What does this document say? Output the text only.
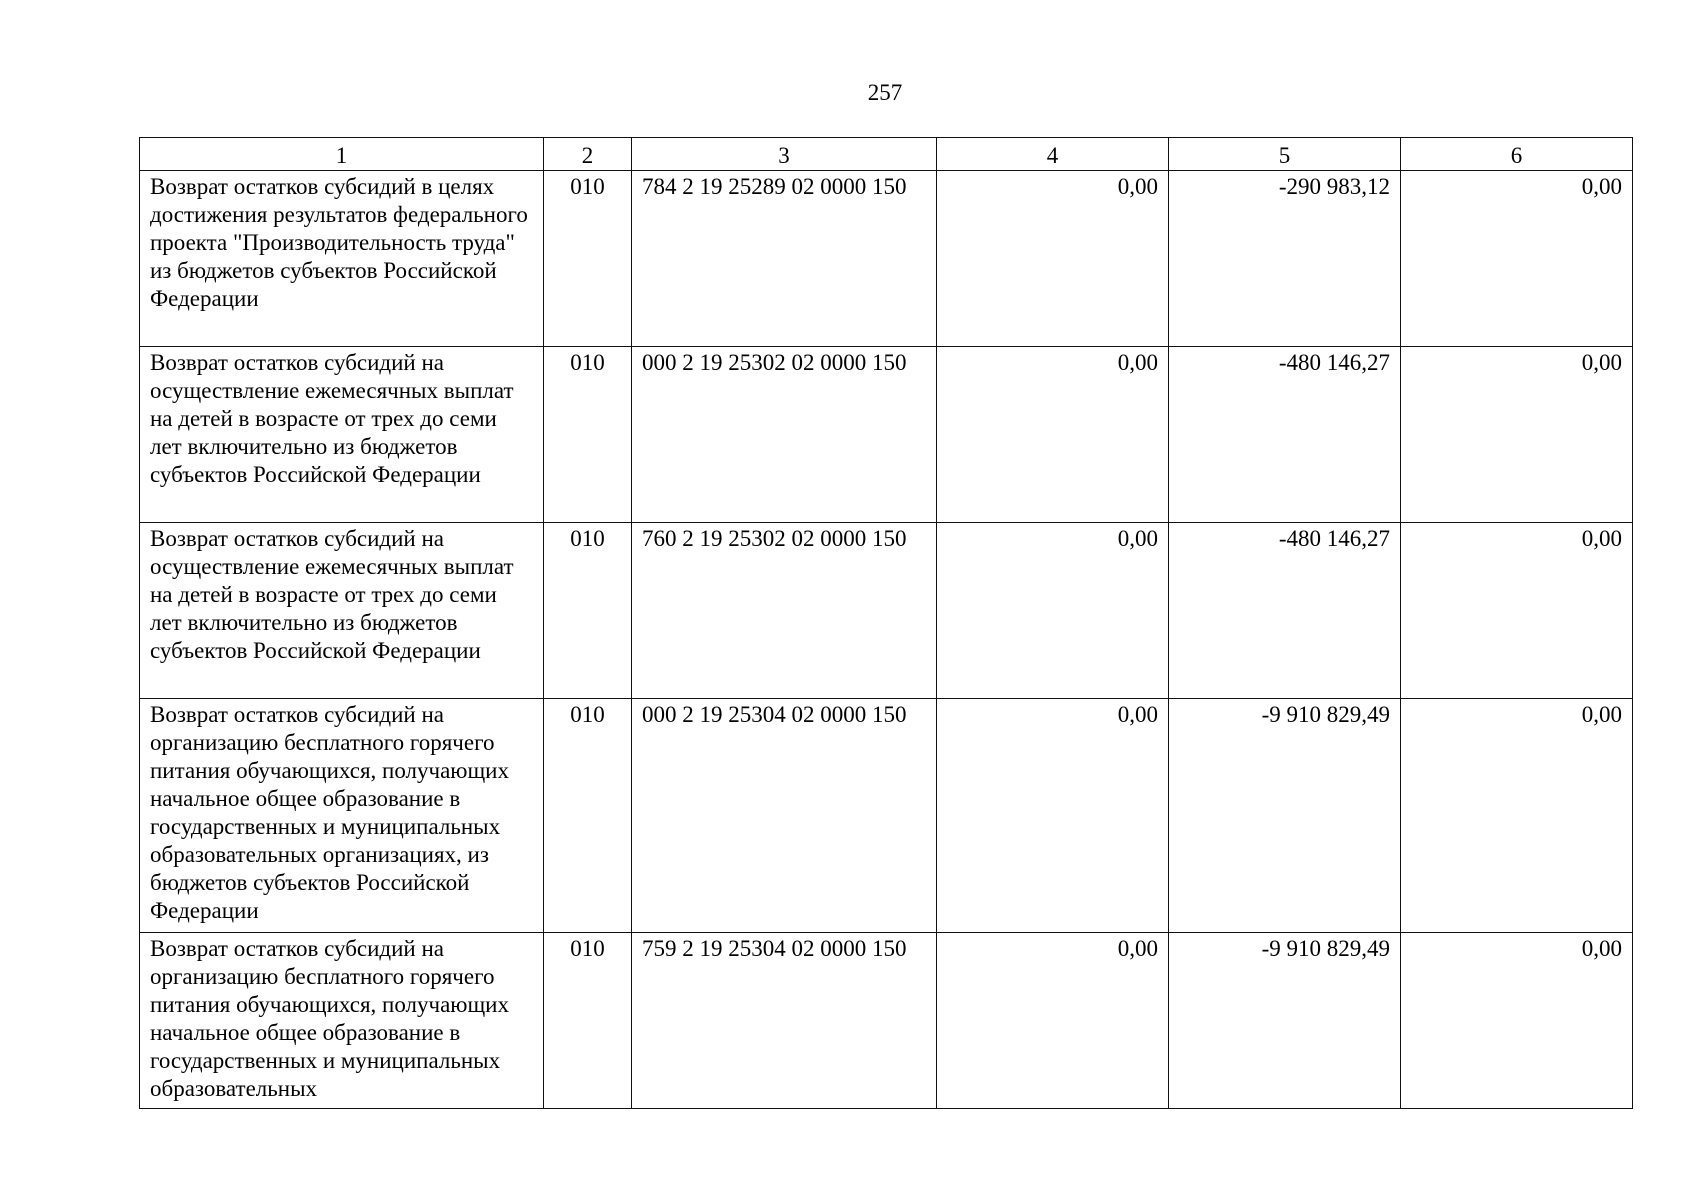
257
1	2	3	4	5	6
Возврат остатков субсидий в целях достижения результатов федерального проекта "Производительность труда" из бюджетов субъектов Российской Федерации	010	784 2 19 25289 02 0000 150	0,00	-290 983,12	0,00
Возврат остатков субсидий на осуществление ежемесячных выплат на детей в возрасте от трех до семи лет включительно из бюджетов субъектов Российской Федерации	010	000 2 19 25302 02 0000 150	0,00	-480 146,27	0,00
Возврат остатков субсидий на осуществление ежемесячных выплат на детей в возрасте от трех до семи лет включительно из бюджетов субъектов Российской Федерации	010	760 2 19 25302 02 0000 150	0,00	-480 146,27	0,00
Возврат остатков субсидий на организацию бесплатного горячего питания обучающихся, получающих начальное общее образование в государственных и муниципальных образовательных организациях, из бюджетов субъектов Российской Федерации	010	000 2 19 25304 02 0000 150	0,00	-9 910 829,49	0,00
Возврат остатков субсидий на организацию бесплатного горячего питания обучающихся, получающих начальное общее образование в государственных и муниципальных образовательных	010	759 2 19 25304 02 0000 150	0,00	-9 910 829,49	0,00
